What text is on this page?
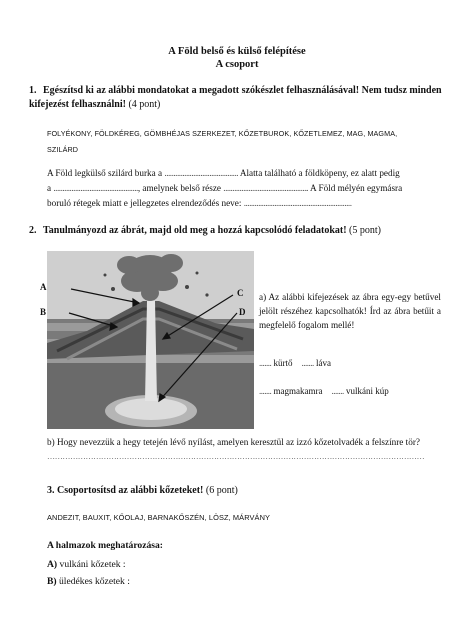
A Föld belső és külső felépítése
A csoport
1. Egészítsd ki az alábbi mondatokat a megadott szókészlet felhasználásával! Nem tudsz minden kifejezést felhasználni! (4 pont)
FOLYÉKONY, FÖLDKÉREG, GÖMBHÉJAS SZERKEZET, KŐZETBUROK, KŐZETLEMEZ, MAG, MAGMA,
SZILÁRD
A Föld legkülső szilárd burka a ......................................... Alatta található a földköpeny, ez alatt pedig
a ..............................................., amelynek belső része ............................................... A Föld mélyén egymásra
boruló rétegek miatt e jellegzetes elrendeződés neve: ............................................................
2. Tanulmányozd az ábrát, majd old meg a hozzá kapcsolódó feladatokat! (5 pont)
A
B
C
D
a) Az alábbi kifejezések az ábra egy-egy betűvel jelölt részéhez kapcsolhatók! Írd az ábra betűit a megfelelő fogalom mellé!
....... kürtő ....... láva
....... magmakamra ....... vulkáni kúp
b) Hogy nevezzük a hegy tetején lévő nyílást, amelyen keresztül az izzó kőzetolvadék a felszínre tör?
…………………………………………………………………………………………………………………………………
3. Csoportosítsd az alábbi kőzeteket! (6 pont)
ANDEZIT, BAUXIT, KŐOLAJ, BARNAKŐSZÉN, LÖSZ, MÁRVÁNY
A halmazok meghatározása:
A) vulkáni kőzetek :
B) üledékes kőzetek :
